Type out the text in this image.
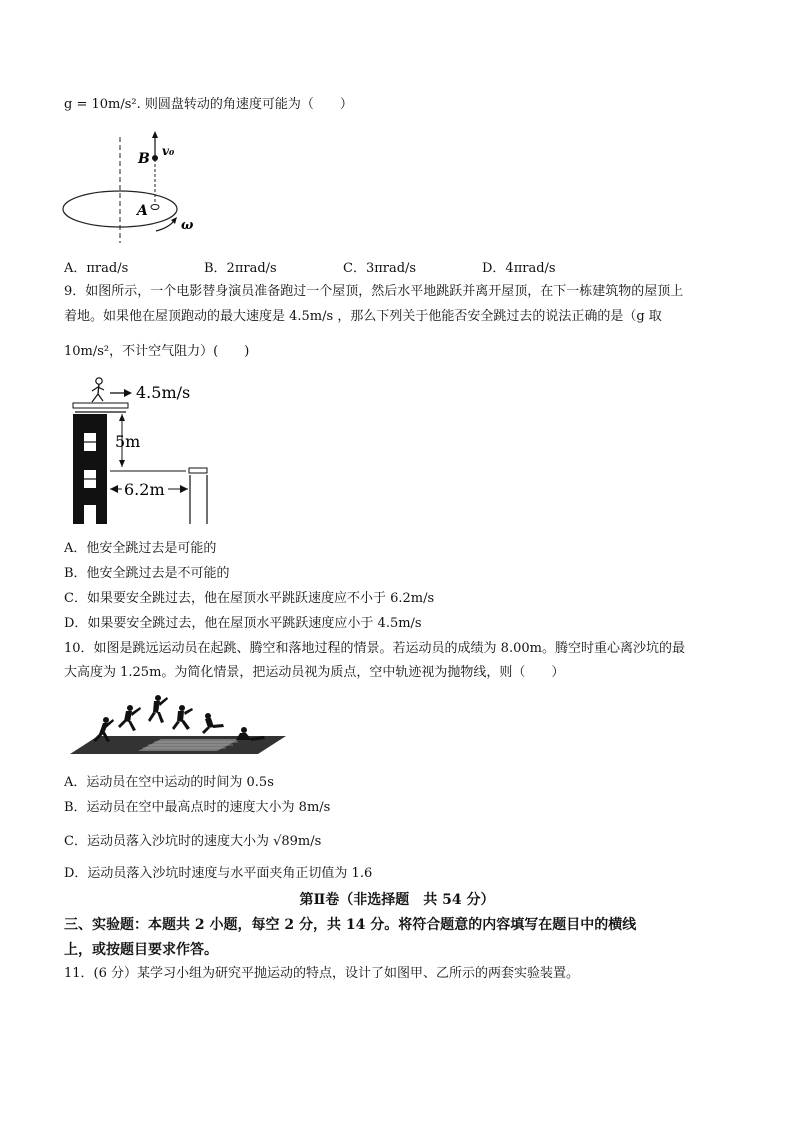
g = 10m/s². 则圆盘转动的角速度可能为（　　）
B v₀
A
ω
A．πrad/s	B．2πrad/s	C．3πrad/s	D．4πrad/s
9．如图所示，一个电影替身演员准备跑过一个屋顶，然后水平地跳跃并离开屋顶，在下一栋建筑物的屋顶上
着地。如果他在屋顶跑动的最大速度是 4.5m/s ，那么下列关于他能否安全跳过去的说法正确的是（g 取
10m/s²，不计空气阻力）(　　)
4.5m/s
5m
6.2m
A．他安全跳过去是可能的
B．他安全跳过去是不可能的
C．如果要安全跳过去，他在屋顶水平跳跃速度应不小于 6.2m/s
D．如果要安全跳过去，他在屋顶水平跳跃速度应小于 4.5m/s
10．如图是跳远运动员在起跳、腾空和落地过程的情景。若运动员的成绩为 8.00m。腾空时重心离沙坑的最
大高度为 1.25m。为简化情景，把运动员视为质点，空中轨迹视为抛物线，则（　　）
A．运动员在空中运动的时间为 0.5s
B．运动员在空中最高点时的速度大小为 8m/s
C．运动员落入沙坑时的速度大小为 √89m/s
D．运动员落入沙坑时速度与水平面夹角正切值为 1.6
第Ⅱ卷（非选择题　共 54 分）
三、实验题：本题共 2 小题，每空 2 分，共 14 分。将符合题意的内容填写在题目中的横线
上，或按题目要求作答。
11．(6 分）某学习小组为研究平抛运动的特点，设计了如图甲、乙所示的两套实验装置。
